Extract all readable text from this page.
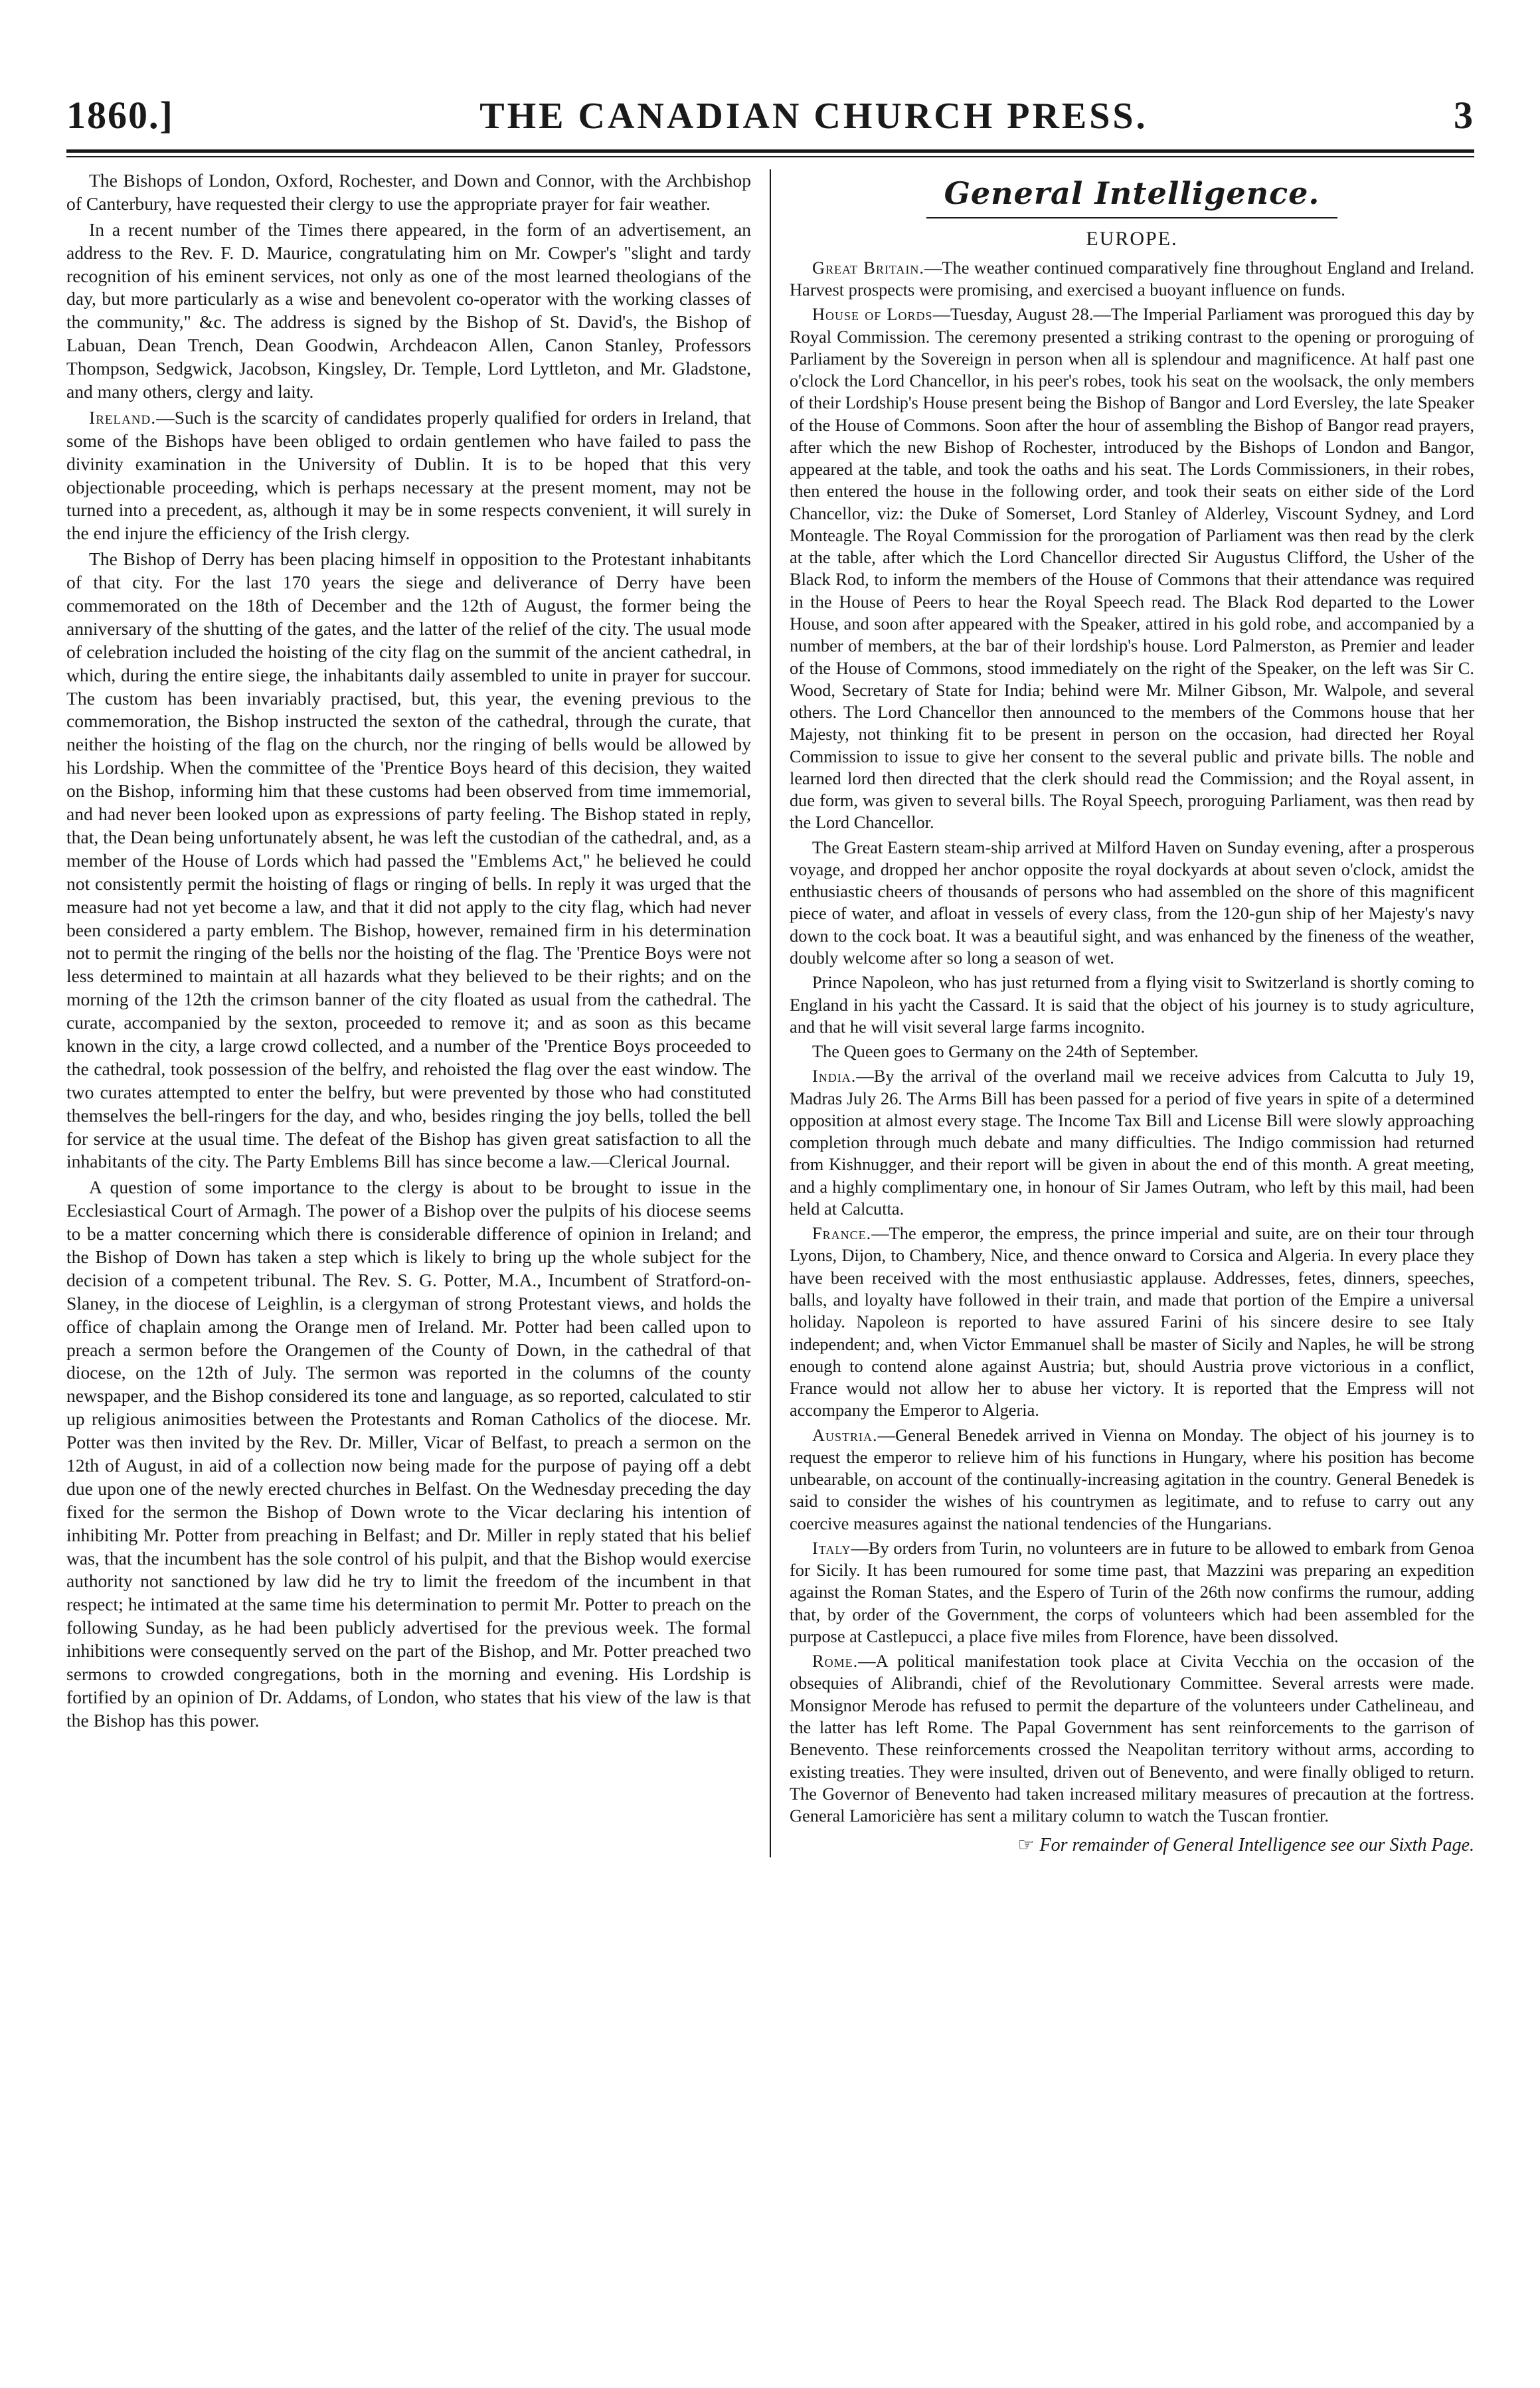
1860.]	THE CANADIAN CHURCH PRESS.	3

The Bishops of London, Oxford, Rochester, and Down and Connor, with the Archbishop of Canterbury, have requested their clergy to use the appropriate prayer for fair weather.

In a recent number of the Times there appeared, in the form of an advertisement, an address to the Rev. F. D. Maurice, congratulating him on Mr. Cowper's "slight and tardy recognition of his eminent services, not only as one of the most learned theologians of the day, but more particularly as a wise and benevolent co-operator with the working classes of the community," &c. The address is signed by the Bishop of St. David's, the Bishop of Labuan, Dean Trench, Dean Goodwin, Archdeacon Allen, Canon Stanley, Professors Thompson, Sedgwick, Jacobson, Kingsley, Dr. Temple, Lord Lyttleton, and Mr. Gladstone, and many others, clergy and laity.

Ireland.—Such is the scarcity of candidates properly qualified for orders in Ireland, that some of the Bishops have been obliged to ordain gentlemen who have failed to pass the divinity examination in the University of Dublin. It is to be hoped that this very objectionable proceeding, which is perhaps necessary at the present moment, may not be turned into a precedent, as, although it may be in some respects convenient, it will surely in the end injure the efficiency of the Irish clergy.

The Bishop of Derry has been placing himself in opposition to the Protestant inhabitants of that city. For the last 170 years the siege and deliverance of Derry have been commemorated on the 18th of December and the 12th of August, the former being the anniversary of the shutting of the gates, and the latter of the relief of the city. The usual mode of celebration included the hoisting of the city flag on the summit of the ancient cathedral, in which, during the entire siege, the inhabitants daily assembled to unite in prayer for succour. The custom has been invariably practised, but, this year, the evening previous to the commemoration, the Bishop instructed the sexton of the cathedral, through the curate, that neither the hoisting of the flag on the church, nor the ringing of bells would be allowed by his Lordship. When the committee of the 'Prentice Boys heard of this decision, they waited on the Bishop, informing him that these customs had been observed from time immemorial, and had never been looked upon as expressions of party feeling. The Bishop stated in reply, that, the Dean being unfortunately absent, he was left the custodian of the cathedral, and, as a member of the House of Lords which had passed the "Emblems Act," he believed he could not consistently permit the hoisting of flags or ringing of bells. In reply it was urged that the measure had not yet become a law, and that it did not apply to the city flag, which had never been considered a party emblem. The Bishop, however, remained firm in his determination not to permit the ringing of the bells nor the hoisting of the flag. The 'Prentice Boys were not less determined to maintain at all hazards what they believed to be their rights; and on the morning of the 12th the crimson banner of the city floated as usual from the cathedral. The curate, accompanied by the sexton, proceeded to remove it; and as soon as this became known in the city, a large crowd collected, and a number of the 'Prentice Boys proceeded to the cathedral, took possession of the belfry, and rehoisted the flag over the east window. The two curates attempted to enter the belfry, but were prevented by those who had constituted themselves the bell-ringers for the day, and who, besides ringing the joy bells, tolled the bell for service at the usual time. The defeat of the Bishop has given great satisfaction to all the inhabitants of the city. The Party Emblems Bill has since become a law.—Clerical Journal.

A question of some importance to the clergy is about to be brought to issue in the Ecclesiastical Court of Armagh. The power of a Bishop over the pulpits of his diocese seems to be a matter concerning which there is considerable difference of opinion in Ireland; and the Bishop of Down has taken a step which is likely to bring up the whole subject for the decision of a competent tribunal. The Rev. S. G. Potter, M.A., Incumbent of Stratford-on-Slaney, in the diocese of Leighlin, is a clergyman of strong Protestant views, and holds the office of chaplain among the Orange men of Ireland. Mr. Potter had been called upon to preach a sermon before the Orangemen of the County of Down, in the cathedral of that diocese, on the 12th of July. The sermon was reported in the columns of the county newspaper, and the Bishop considered its tone and language, as so reported, calculated to stir up religious animosities between the Protestants and Roman Catholics of the diocese. Mr. Potter was then invited by the Rev. Dr. Miller, Vicar of Belfast, to preach a sermon on the 12th of August, in aid of a collection now being made for the purpose of paying off a debt due upon one of the newly erected churches in Belfast. On the Wednesday preceding the day fixed for the sermon the Bishop of Down wrote to the Vicar declaring his intention of inhibiting Mr. Potter from preaching in Belfast; and Dr. Miller in reply stated that his belief was, that the incumbent has the sole control of his pulpit, and that the Bishop would exercise authority not sanctioned by law did he try to limit the freedom of the incumbent in that respect; he intimated at the same time his determination to permit Mr. Potter to preach on the following Sunday, as he had been publicly advertised for the previous week. The formal inhibitions were consequently served on the part of the Bishop, and Mr. Potter preached two sermons to crowded congregations, both in the morning and evening. His Lordship is fortified by an opinion of Dr. Addams, of London, who states that his view of the law is that the Bishop has this power.

General Intelligence.
EUROPE.

Great Britain.—The weather continued comparatively fine throughout England and Ireland. Harvest prospects were promising, and exercised a buoyant influence on funds.

House of Lords—Tuesday, August 28.—The Imperial Parliament was prorogued this day by Royal Commission. The ceremony presented a striking contrast to the opening or proroguing of Parliament by the Sovereign in person when all is splendour and magnificence. At half past one o'clock the Lord Chancellor, in his peer's robes, took his seat on the woolsack, the only members of their Lordship's House present being the Bishop of Bangor and Lord Eversley, the late Speaker of the House of Commons. Soon after the hour of assembling the Bishop of Bangor read prayers, after which the new Bishop of Rochester, introduced by the Bishops of London and Bangor, appeared at the table, and took the oaths and his seat. The Lords Commissioners, in their robes, then entered the house in the following order, and took their seats on either side of the Lord Chancellor, viz: the Duke of Somerset, Lord Stanley of Alderley, Viscount Sydney, and Lord Monteagle. The Royal Commission for the prorogation of Parliament was then read by the clerk at the table, after which the Lord Chancellor directed Sir Augustus Clifford, the Usher of the Black Rod, to inform the members of the House of Commons that their attendance was required in the House of Peers to hear the Royal Speech read. The Black Rod departed to the Lower House, and soon after appeared with the Speaker, attired in his gold robe, and accompanied by a number of members, at the bar of their lordship's house. Lord Palmerston, as Premier and leader of the House of Commons, stood immediately on the right of the Speaker, on the left was Sir C. Wood, Secretary of State for India; behind were Mr. Milner Gibson, Mr. Walpole, and several others. The Lord Chancellor then announced to the members of the Commons house that her Majesty, not thinking fit to be present in person on the occasion, had directed her Royal Commission to issue to give her consent to the several public and private bills. The noble and learned lord then directed that the clerk should read the Commission; and the Royal assent, in due form, was given to several bills. The Royal Speech, proroguing Parliament, was then read by the Lord Chancellor.

The Great Eastern steam-ship arrived at Milford Haven on Sunday evening, after a prosperous voyage, and dropped her anchor opposite the royal dockyards at about seven o'clock, amidst the enthusiastic cheers of thousands of persons who had assembled on the shore of this magnificent piece of water, and afloat in vessels of every class, from the 120-gun ship of her Majesty's navy down to the cock boat. It was a beautiful sight, and was enhanced by the fineness of the weather, doubly welcome after so long a season of wet.

Prince Napoleon, who has just returned from a flying visit to Switzerland is shortly coming to England in his yacht the Cassard. It is said that the object of his journey is to study agriculture, and that he will visit several large farms incognito.

The Queen goes to Germany on the 24th of September.

India.—By the arrival of the overland mail we receive advices from Calcutta to July 19, Madras July 26. The Arms Bill has been passed for a period of five years in spite of a determined opposition at almost every stage. The Income Tax Bill and License Bill were slowly approaching completion through much debate and many difficulties. The Indigo commission had returned from Kishnugger, and their report will be given in about the end of this month. A great meeting, and a highly complimentary one, in honour of Sir James Outram, who left by this mail, had been held at Calcutta.

France.—The emperor, the empress, the prince imperial and suite, are on their tour through Lyons, Dijon, to Chambery, Nice, and thence onward to Corsica and Algeria. In every place they have been received with the most enthusiastic applause. Addresses, fetes, dinners, speeches, balls, and loyalty have followed in their train, and made that portion of the Empire a universal holiday. Napoleon is reported to have assured Farini of his sincere desire to see Italy independent; and, when Victor Emmanuel shall be master of Sicily and Naples, he will be strong enough to contend alone against Austria; but, should Austria prove victorious in a conflict, France would not allow her to abuse her victory. It is reported that the Empress will not accompany the Emperor to Algeria.

Austria.—General Benedek arrived in Vienna on Monday. The object of his journey is to request the emperor to relieve him of his functions in Hungary, where his position has become unbearable, on account of the continually-increasing agitation in the country. General Benedek is said to consider the wishes of his countrymen as legitimate, and to refuse to carry out any coercive measures against the national tendencies of the Hungarians.

Italy—By orders from Turin, no volunteers are in future to be allowed to embark from Genoa for Sicily. It has been rumoured for some time past, that Mazzini was preparing an expedition against the Roman States, and the Espero of Turin of the 26th now confirms the rumour, adding that, by order of the Government, the corps of volunteers which had been assembled for the purpose at Castlepucci, a place five miles from Florence, have been dissolved.

Rome.—A political manifestation took place at Civita Vecchia on the occasion of the obsequies of Alibrandi, chief of the Revolutionary Committee. Several arrests were made. Monsignor Merode has refused to permit the departure of the volunteers under Cathelineau, and the latter has left Rome. The Papal Government has sent reinforcements to the garrison of Benevento. These reinforcements crossed the Neapolitan territory without arms, according to existing treaties. They were insulted, driven out of Benevento, and were finally obliged to return. The Governor of Benevento had taken increased military measures of precaution at the fortress. General Lamoricière has sent a military column to watch the Tuscan frontier.

☞ For remainder of General Intelligence see our Sixth Page.
